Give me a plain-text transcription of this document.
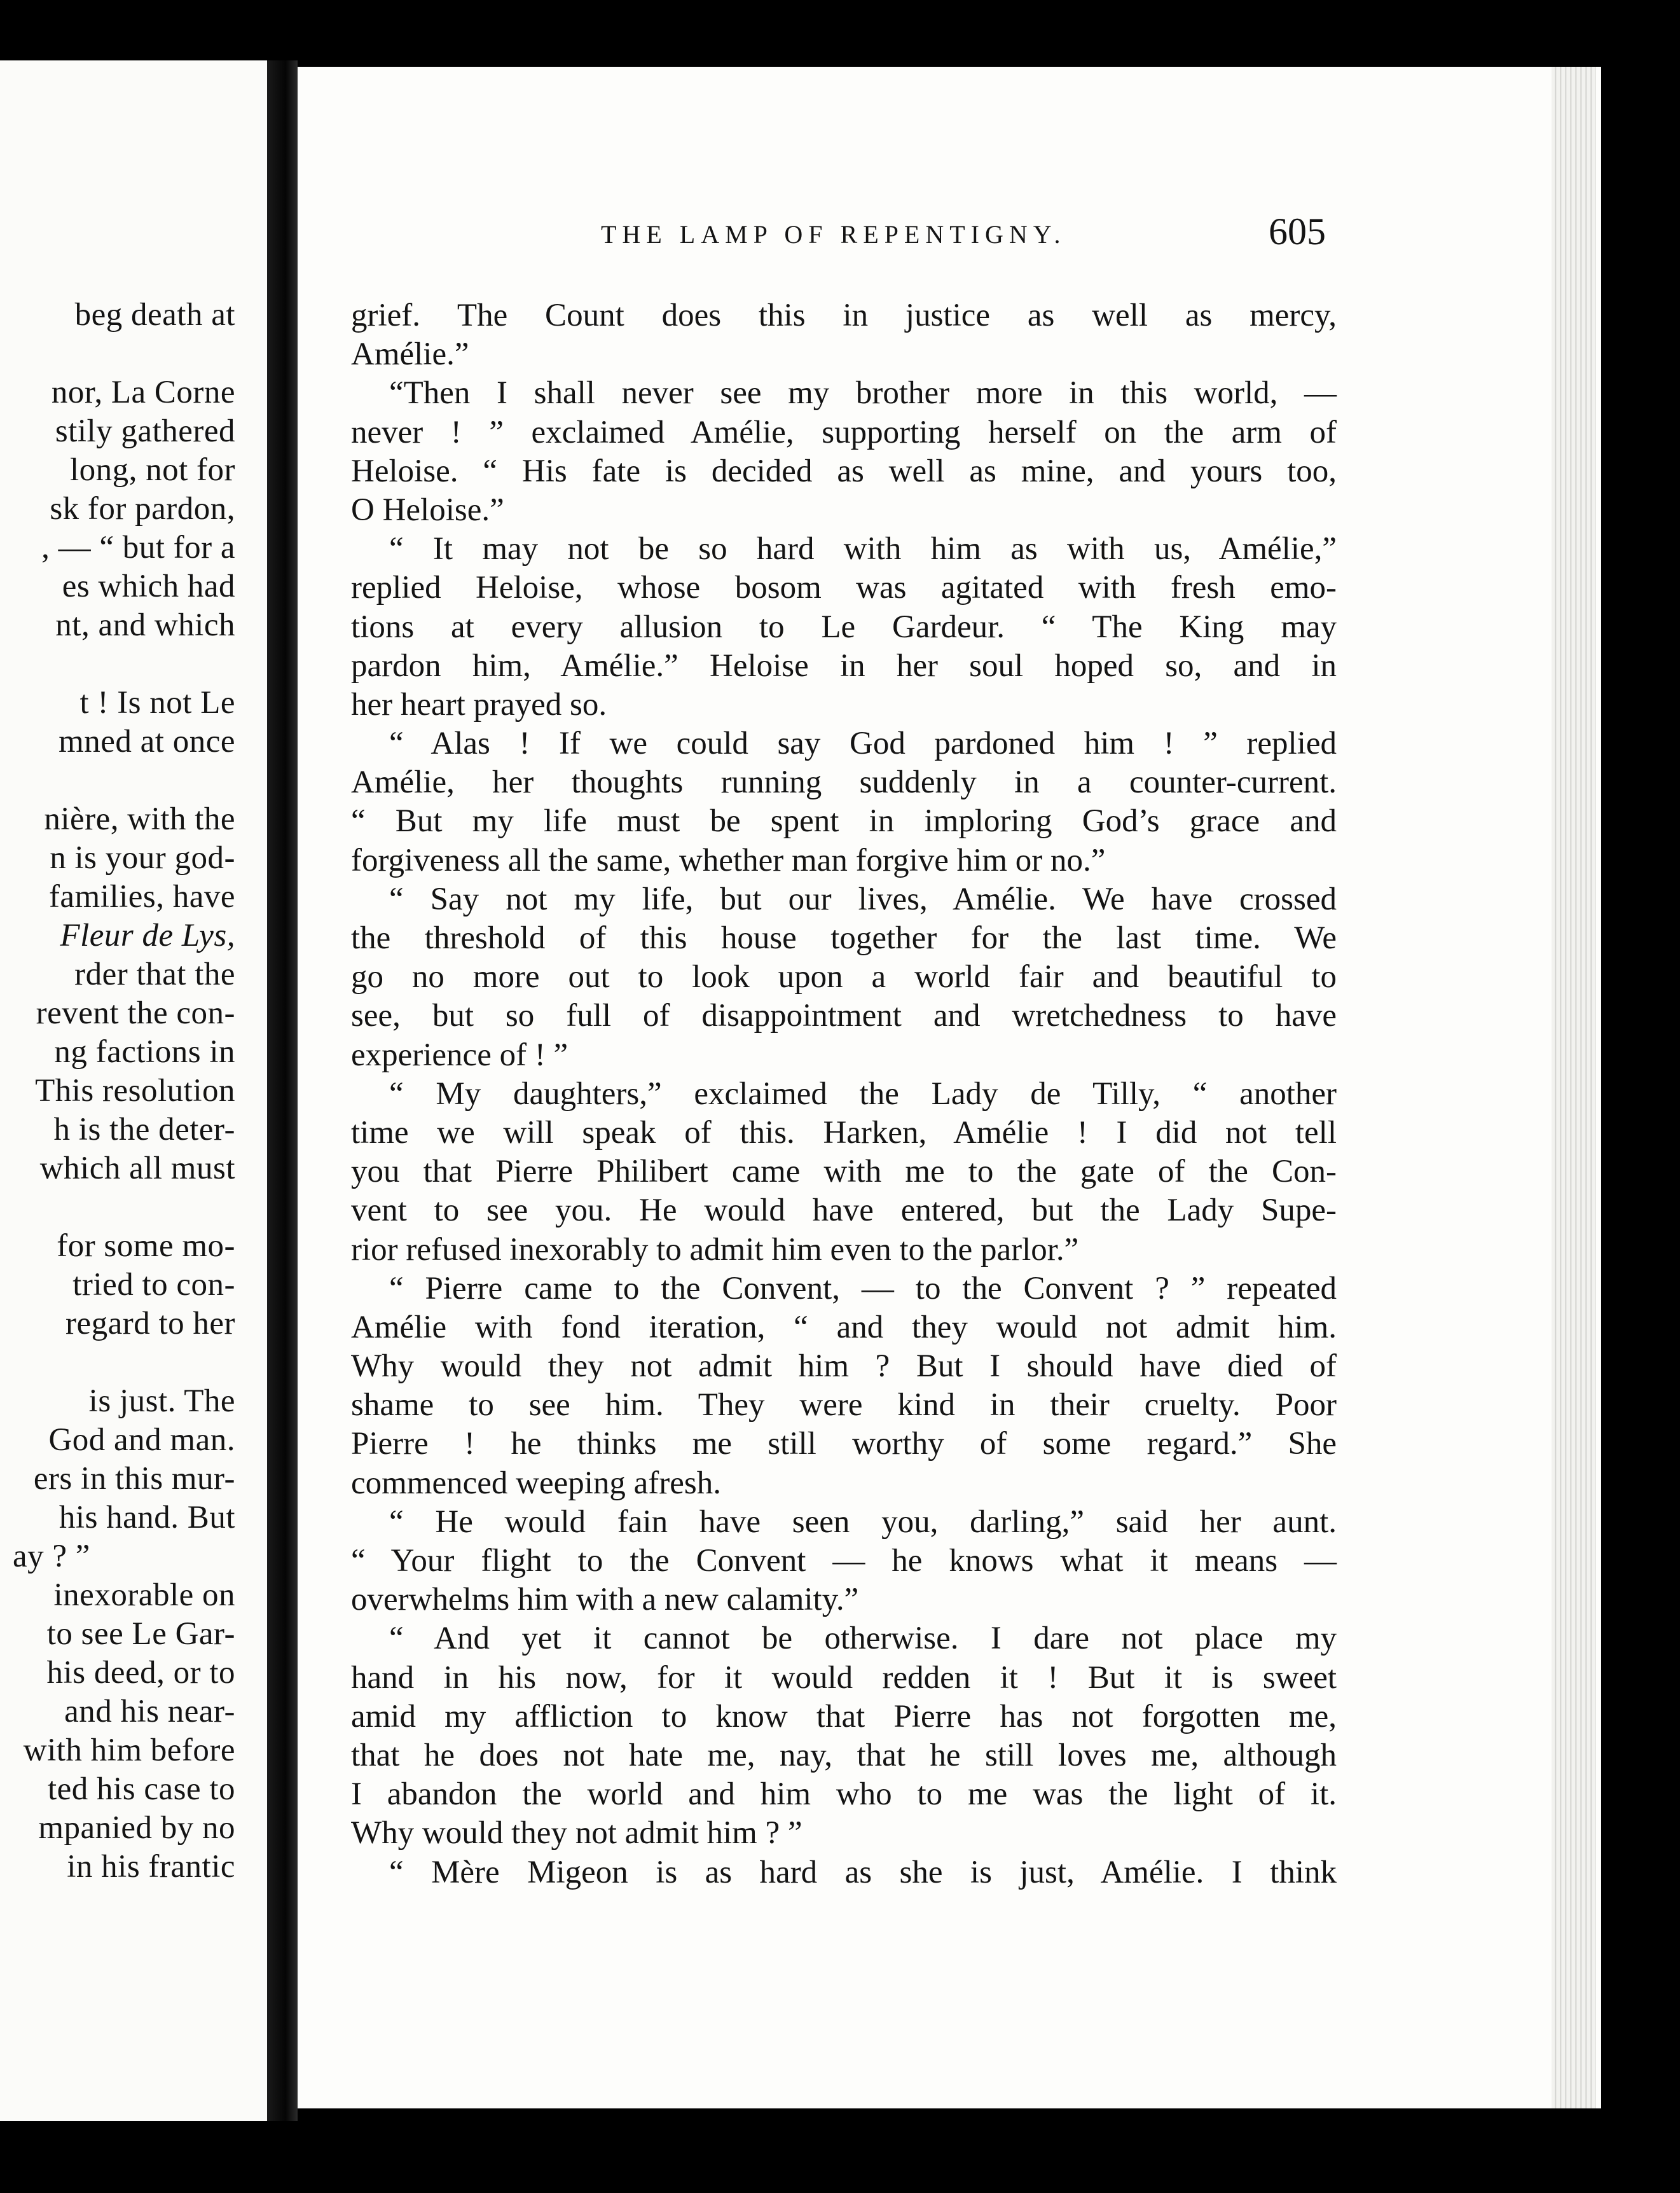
beg death at
nor, La Corne
stily gathered
long, not for
sk for pardon,
, — “ but for a
es which had
nt, and which
t ! Is not Le
mned at once
nière, with the
n is your god-
families, have
Fleur de Lys,
rder that the
revent the con-
ng factions in
This resolution
h is the deter-
which all must
for some mo-
tried to con-
regard to her
is just. The
God and man.
ers in this mur-
his hand. But
ay ? ”
inexorable on
to see Le Gar-
his deed, or to
and his near-
with him before
ted his case to
mpanied by no
in his frantic
THE LAMP OF REPENTIGNY.	605
grief. The Count does this in justice as well as mercy,
Amélie.”
“Then I shall never see my brother more in this world, —
never ! ” exclaimed Amélie, supporting herself on the arm of
Heloise. “ His fate is decided as well as mine, and yours too,
O Heloise.”
“ It may not be so hard with him as with us, Amélie,”
replied Heloise, whose bosom was agitated with fresh emo-
tions at every allusion to Le Gardeur. “ The King may
pardon him, Amélie.” Heloise in her soul hoped so, and in
her heart prayed so.
“ Alas ! If we could say God pardoned him ! ” replied
Amélie, her thoughts running suddenly in a counter-current.
“ But my life must be spent in imploring God’s grace and
forgiveness all the same, whether man forgive him or no.”
“ Say not my life, but our lives, Amélie. We have crossed
the threshold of this house together for the last time. We
go no more out to look upon a world fair and beautiful to
see, but so full of disappointment and wretchedness to have
experience of ! ”
“ My daughters,” exclaimed the Lady de Tilly, “ another
time we will speak of this. Harken, Amélie ! I did not tell
you that Pierre Philibert came with me to the gate of the Con-
vent to see you. He would have entered, but the Lady Supe-
rior refused inexorably to admit him even to the parlor.”
“ Pierre came to the Convent, — to the Convent ? ” repeated
Amélie with fond iteration, “ and they would not admit him.
Why would they not admit him ? But I should have died of
shame to see him. They were kind in their cruelty. Poor
Pierre ! he thinks me still worthy of some regard.” She
commenced weeping afresh.
“ He would fain have seen you, darling,” said her aunt.
“ Your flight to the Convent — he knows what it means —
overwhelms him with a new calamity.”
“ And yet it cannot be otherwise. I dare not place my
hand in his now, for it would redden it ! But it is sweet
amid my affliction to know that Pierre has not forgotten me,
that he does not hate me, nay, that he still loves me, although
I abandon the world and him who to me was the light of it.
Why would they not admit him ? ”
“ Mère Migeon is as hard as she is just, Amélie. I think
